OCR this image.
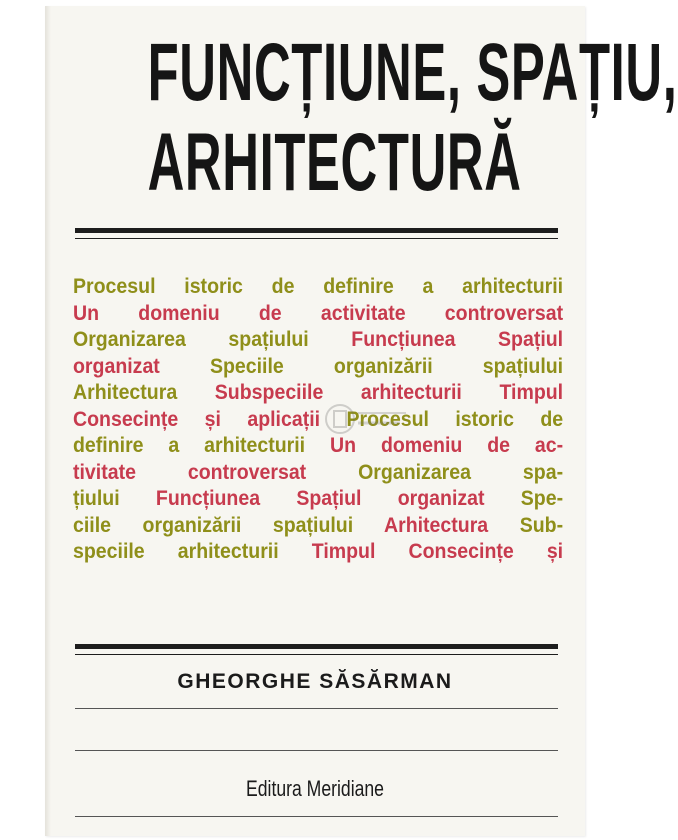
FUNCȚIUNE, SPAȚIU,
ARHITECTURĂ
Procesul istoric de definire a arhitecturii
Un domeniu de activitate controversat
Organizarea spațiului Funcțiunea Spațiul
organizat Speciile organizării spațiului
Arhitectura Subspeciile arhitecturii Timpul
Consecințe și aplicații Procesul istoric de
definire a arhitecturii Un domeniu de ac-
tivitate controversat Organizarea spa-
țiului Funcțiunea Spațiul organizat Spe-
ciile organizării spațiului Arhitectura Sub-
speciile arhitecturii Timpul Consecințe și
GHEORGHE SĂSĂRMAN
Editura Meridiane
